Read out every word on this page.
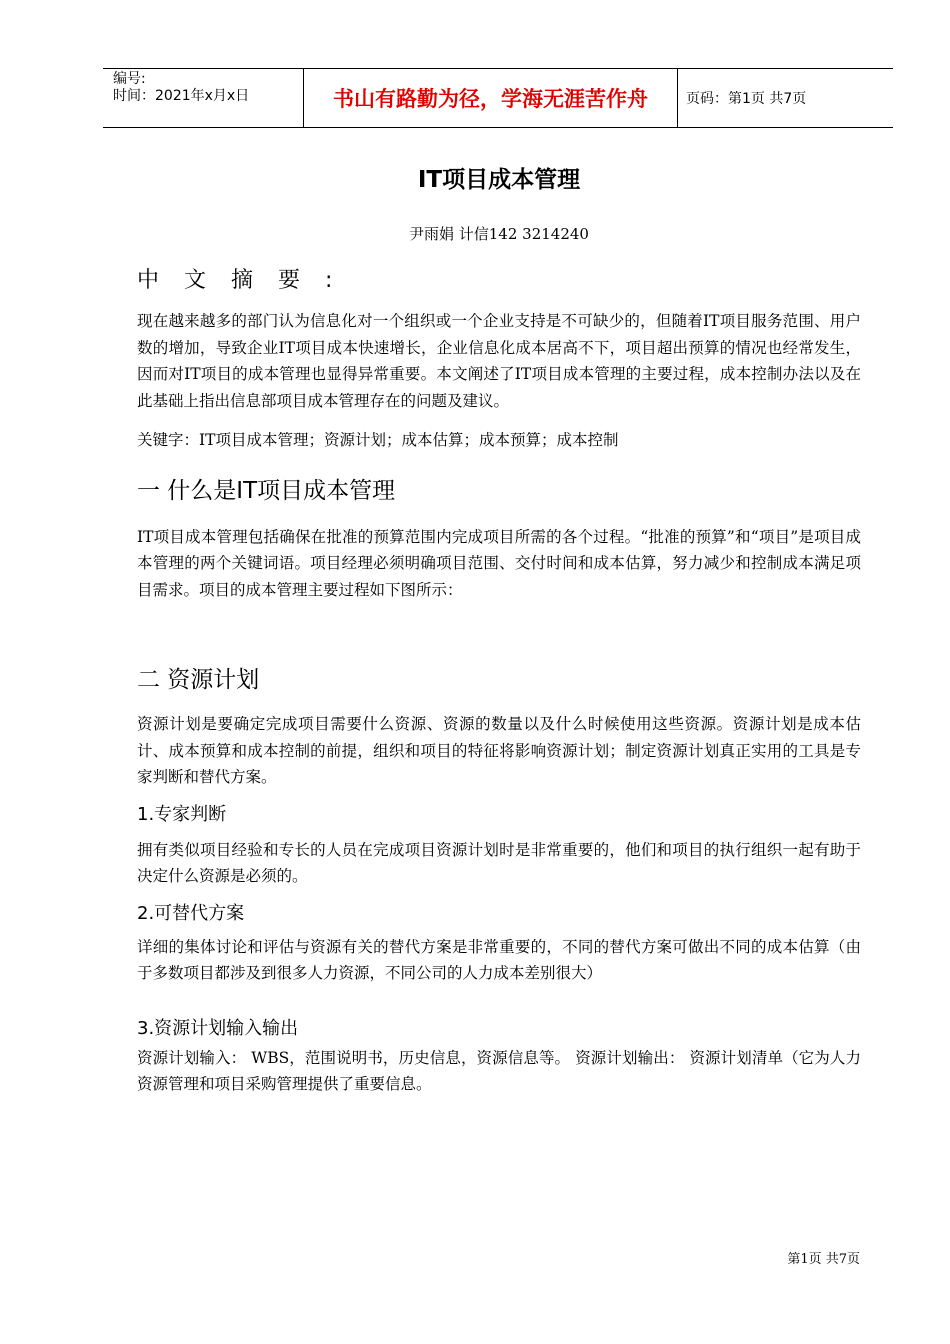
编号:
时间：2021年x月x日	书山有路勤为径，学海无涯苦作舟	页码：第1页 共7页
IT项目成本管理
尹雨娟 计信142 3214240
中文摘要:

现在越来越多的部门认为信息化对一个组织或一个企业支持是不可缺少的，但随着IT项目服务范围、用户数的增加，导致企业IT项目成本快速增长，企业信息化成本居高不下，项目超出预算的情况也经常发生，因而对IT项目的成本管理也显得异常重要。本文阐述了IT项目成本管理的主要过程，成本控制办法以及在此基础上指出信息部项目成本管理存在的问题及建议。

关键字：IT项目成本管理；资源计划；成本估算；成本预算；成本控制

一 什么是IT项目成本管理

IT项目成本管理包括确保在批准的预算范围内完成项目所需的各个过程。“批准的预算”和“项目”是项目成本管理的两个关键词语。项目经理必须明确项目范围、交付时间和成本估算，努力减少和控制成本满足项目需求。项目的成本管理主要过程如下图所示：

二 资源计划

资源计划是要确定完成项目需要什么资源、资源的数量以及什么时候使用这些资源。资源计划是成本估计、成本预算和成本控制的前提，组织和项目的特征将影响资源计划；制定资源计划真正实用的工具是专家判断和替代方案。

1.专家判断

拥有类似项目经验和专长的人员在完成项目资源计划时是非常重要的，他们和项目的执行组织一起有助于决定什么资源是必须的。

2.可替代方案

详细的集体讨论和评估与资源有关的替代方案是非常重要的，不同的替代方案可做出不同的成本估算（由于多数项目都涉及到很多人力资源，不同公司的人力成本差别很大）

3.资源计划输入输出

资源计划输入： WBS，范围说明书，历史信息，资源信息等。 资源计划输出： 资源计划清单（它为人力资源管理和项目采购管理提供了重要信息。

第1页 共7页
